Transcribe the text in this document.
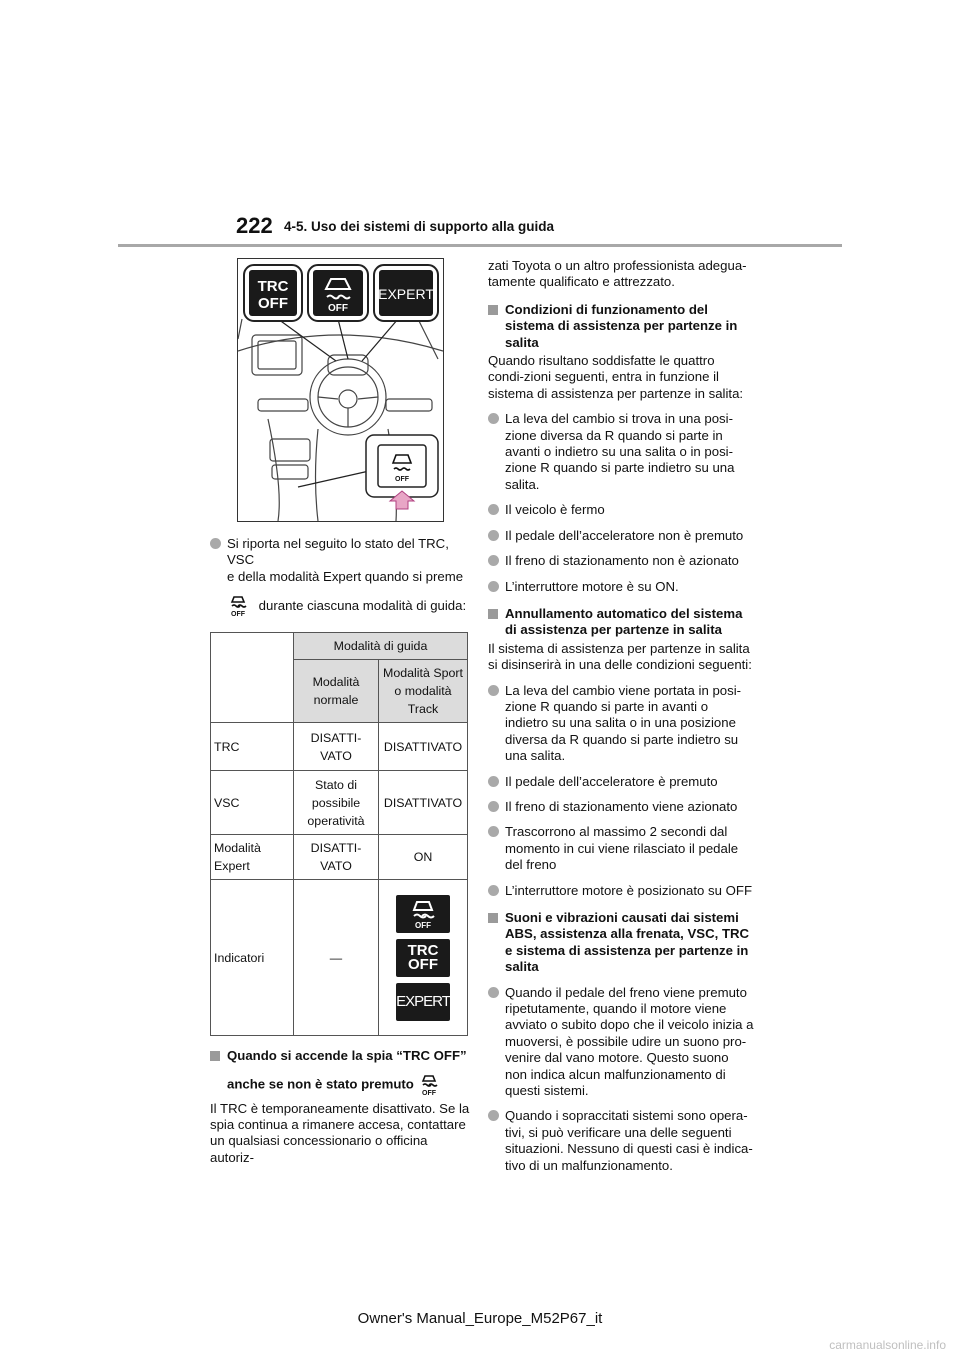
222 4-5. Uso dei sistemi di supporto alla guida
TRC
OFF	OFF
EXPERT
OFF

Si riporta nel seguito lo stato del TRC, VSC
e della modalità Expert quando si preme

OFF
durante ciascuna modalità di guida:

	Modalità di guida	
	Modalità normale	Modalità Sport o modalità Track
TRC	DISATTI-VATO	DISATTIVATO
VSC	Stato di possibile operatività	DISATTIVATO
Modalità Expert	DISATTI-VATO	ON
Indicatori	—	OFF
TRC
OFF
EXPERT

Quando si accende la spia “TRC OFF”

anche se non è stato premuto
OFF

Il TRC è temporaneamente disattivato. Se la spia continua a rimanere accesa, contattare un qualsiasi concessionario o officina autoriz-

zati Toyota o un altro professionista adegua-tamente qualificato e attrezzato.

Condizioni di funzionamento del sistema di assistenza per partenze in salita

Quando risultano soddisfatte le quattro condi-zioni seguenti, entra in funzione il sistema di assistenza per partenze in salita:

La leva del cambio si trova in una posi-zione diversa da R quando si parte in avanti o indietro su una salita o in posi-zione R quando si parte indietro su una salita.

Il veicolo è fermo

Il pedale dell’acceleratore non è premuto

Il freno di stazionamento non è azionato

L’interruttore motore è su ON.

Annullamento automatico del sistema di assistenza per partenze in salita

Il sistema di assistenza per partenze in salita si disinserirà in una delle condizioni seguenti:

La leva del cambio viene portata in posi-zione R quando si parte in avanti o indietro su una salita o in una posizione diversa da R quando si parte indietro su una salita.

Il pedale dell’acceleratore è premuto

Il freno di stazionamento viene azionato

Trascorrono al massimo 2 secondi dal momento in cui viene rilasciato il pedale del freno

L’interruttore motore è posizionato su OFF

Suoni e vibrazioni causati dai sistemi ABS, assistenza alla frenata, VSC, TRC e sistema di assistenza per partenze in salita

Quando il pedale del freno viene premuto ripetutamente, quando il motore viene avviato o subito dopo che il veicolo inizia a muoversi, è possibile udire un suono pro-venire dal vano motore. Questo suono non indica alcun malfunzionamento di questi sistemi.

Quando i sopraccitati sistemi sono opera-tivi, si può verificare una delle seguenti situazioni. Nessuno di questi casi è indica-tivo di un malfunzionamento.

Owner's Manual_Europe_M52P67_it
carmanualsonline.info
